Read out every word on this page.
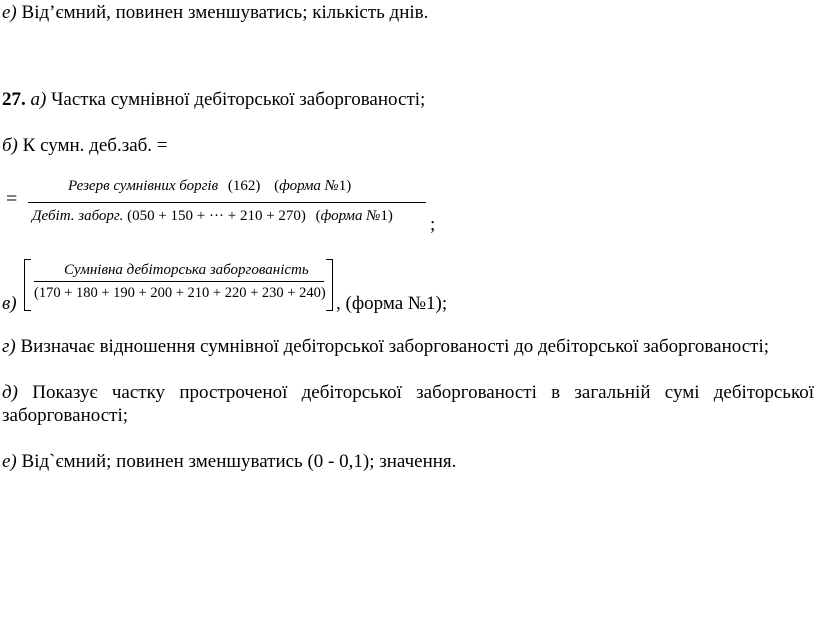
е) Від’ємний, повинен зменшуватись; кількість днів.
27. а) Частка сумнівної дебіторської заборгованості;
б) К сумн. деб.заб. =
=
Резерв сумнівних боргів (162) (форма №1)
Дебіт. заборг. (050 + 150 + ··· + 210 + 270) (форма №1) ;
Сумнівна дебіторська заборгованість
(170 + 180 + 190 + 200 + 210 + 220 + 230 + 240)
в)	, (форма №1);
г) Визначає відношення сумнівної дебіторської заборгованості до дебіторської заборгованості;
д) Показує частку простроченої дебіторської заборгованості в загальній сумі дебіторської
заборгованості;
е) Від`ємний; повинен зменшуватись (0 - 0,1); значення.
